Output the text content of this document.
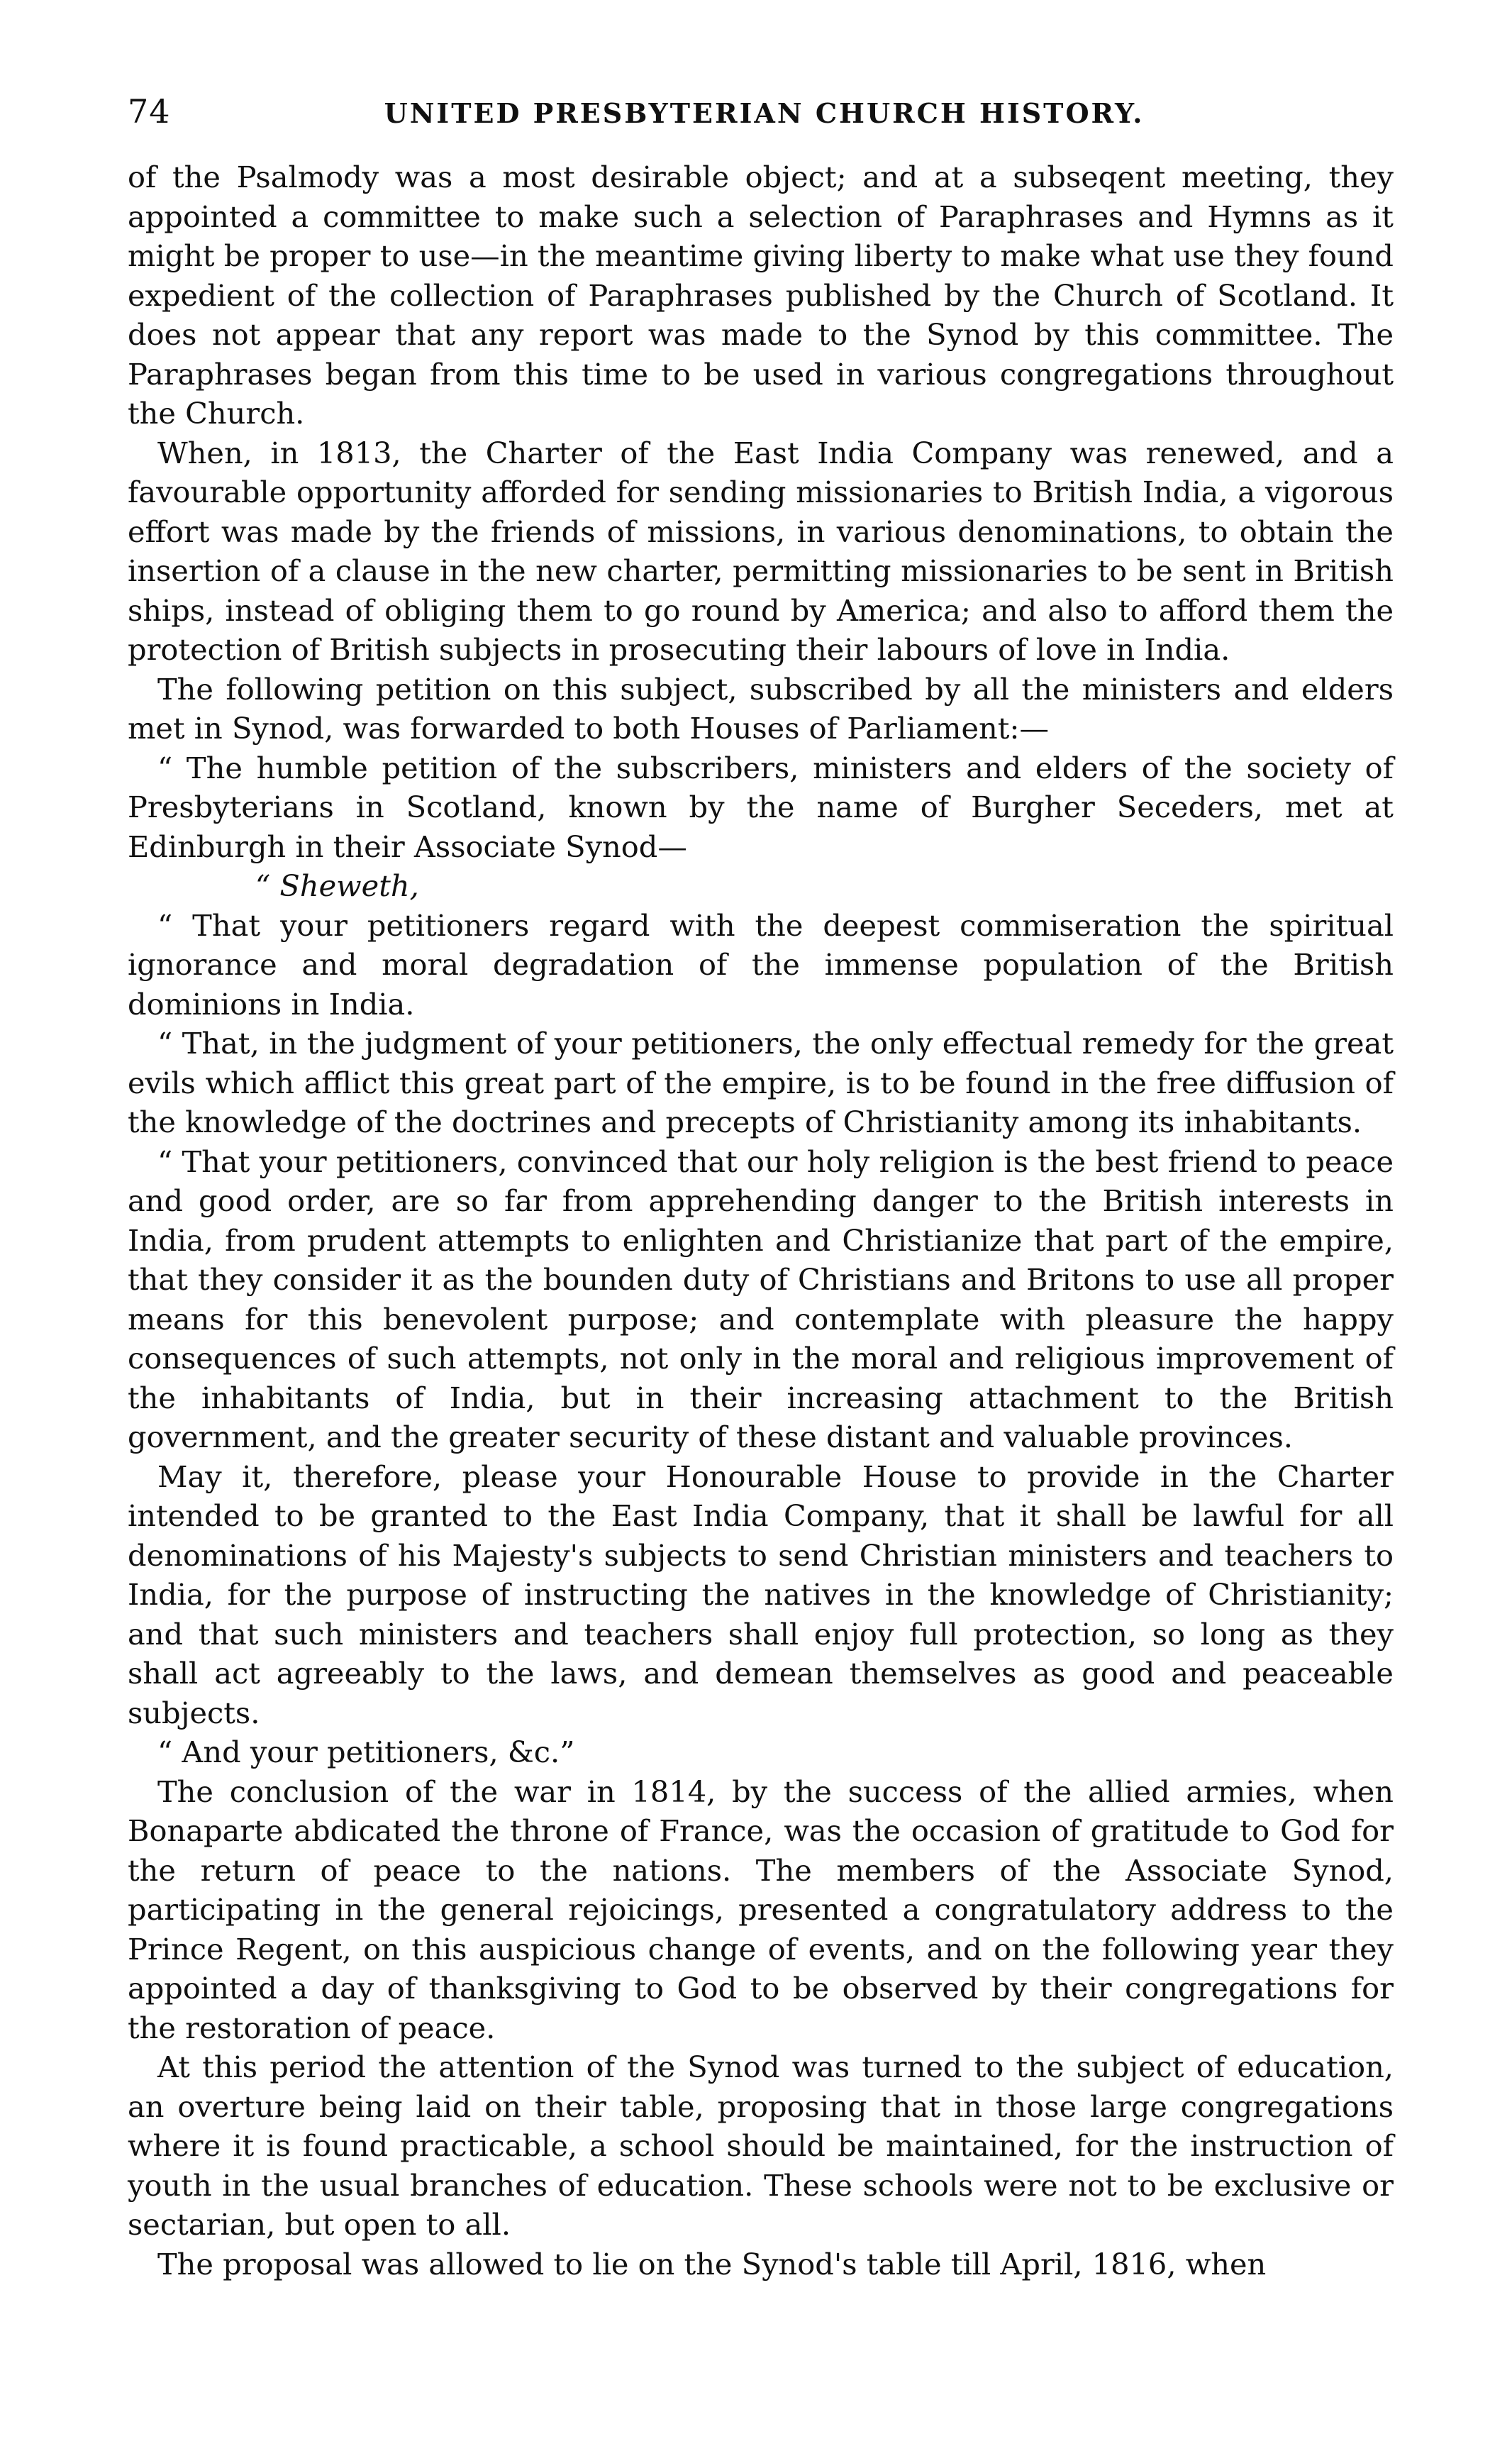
74	UNITED PRESBYTERIAN CHURCH HISTORY.

of the Psalmody was a most desirable object; and at a subseqent meeting, they appointed a committee to make such a selection of Paraphrases and Hymns as it might be proper to use—in the meantime giving liberty to make what use they found expedient of the collection of Paraphrases published by the Church of Scotland. It does not appear that any report was made to the Synod by this committee. The Paraphrases began from this time to be used in various congregations throughout the Church.

When, in 1813, the Charter of the East India Company was renewed, and a favourable opportunity afforded for sending missionaries to British India, a vigorous effort was made by the friends of missions, in various denominations, to obtain the insertion of a clause in the new charter, permitting missionaries to be sent in British ships, instead of obliging them to go round by America; and also to afford them the protection of British subjects in prosecuting their labours of love in India.

The following petition on this subject, subscribed by all the ministers and elders met in Synod, was forwarded to both Houses of Parliament:—

“ The humble petition of the subscribers, ministers and elders of the society of Presbyterians in Scotland, known by the name of Burgher Seceders, met at Edinburgh in their Associate Synod—

“ Sheweth,

“ That your petitioners regard with the deepest commiseration the spiritual ignorance and moral degradation of the immense population of the British dominions in India.

“ That, in the judgment of your petitioners, the only effectual remedy for the great evils which afflict this great part of the empire, is to be found in the free diffusion of the knowledge of the doctrines and precepts of Christianity among its inhabitants.

“ That your petitioners, convinced that our holy religion is the best friend to peace and good order, are so far from apprehending danger to the British interests in India, from prudent attempts to enlighten and Christianize that part of the empire, that they consider it as the bounden duty of Christians and Britons to use all proper means for this benevolent purpose; and contemplate with pleasure the happy consequences of such attempts, not only in the moral and religious improvement of the inhabitants of India, but in their increasing attachment to the British government, and the greater security of these distant and valuable provinces.

May it, therefore, please your Honourable House to provide in the Charter intended to be granted to the East India Company, that it shall be lawful for all denominations of his Majesty's subjects to send Christian ministers and teachers to India, for the purpose of instructing the natives in the knowledge of Christianity; and that such ministers and teachers shall enjoy full protection, so long as they shall act agreeably to the laws, and demean themselves as good and peaceable subjects.

“ And your petitioners, &c.”

The conclusion of the war in 1814, by the success of the allied armies, when Bonaparte abdicated the throne of France, was the occasion of gratitude to God for the return of peace to the nations. The members of the Associate Synod, participating in the general rejoicings, presented a congratulatory address to the Prince Regent, on this auspicious change of events, and on the following year they appointed a day of thanksgiving to God to be observed by their congregations for the restoration of peace.

At this period the attention of the Synod was turned to the subject of education, an overture being laid on their table, proposing that in those large congregations where it is found practicable, a school should be maintained, for the instruction of youth in the usual branches of education. These schools were not to be exclusive or sectarian, but open to all.

The proposal was allowed to lie on the Synod's table till April, 1816, when
